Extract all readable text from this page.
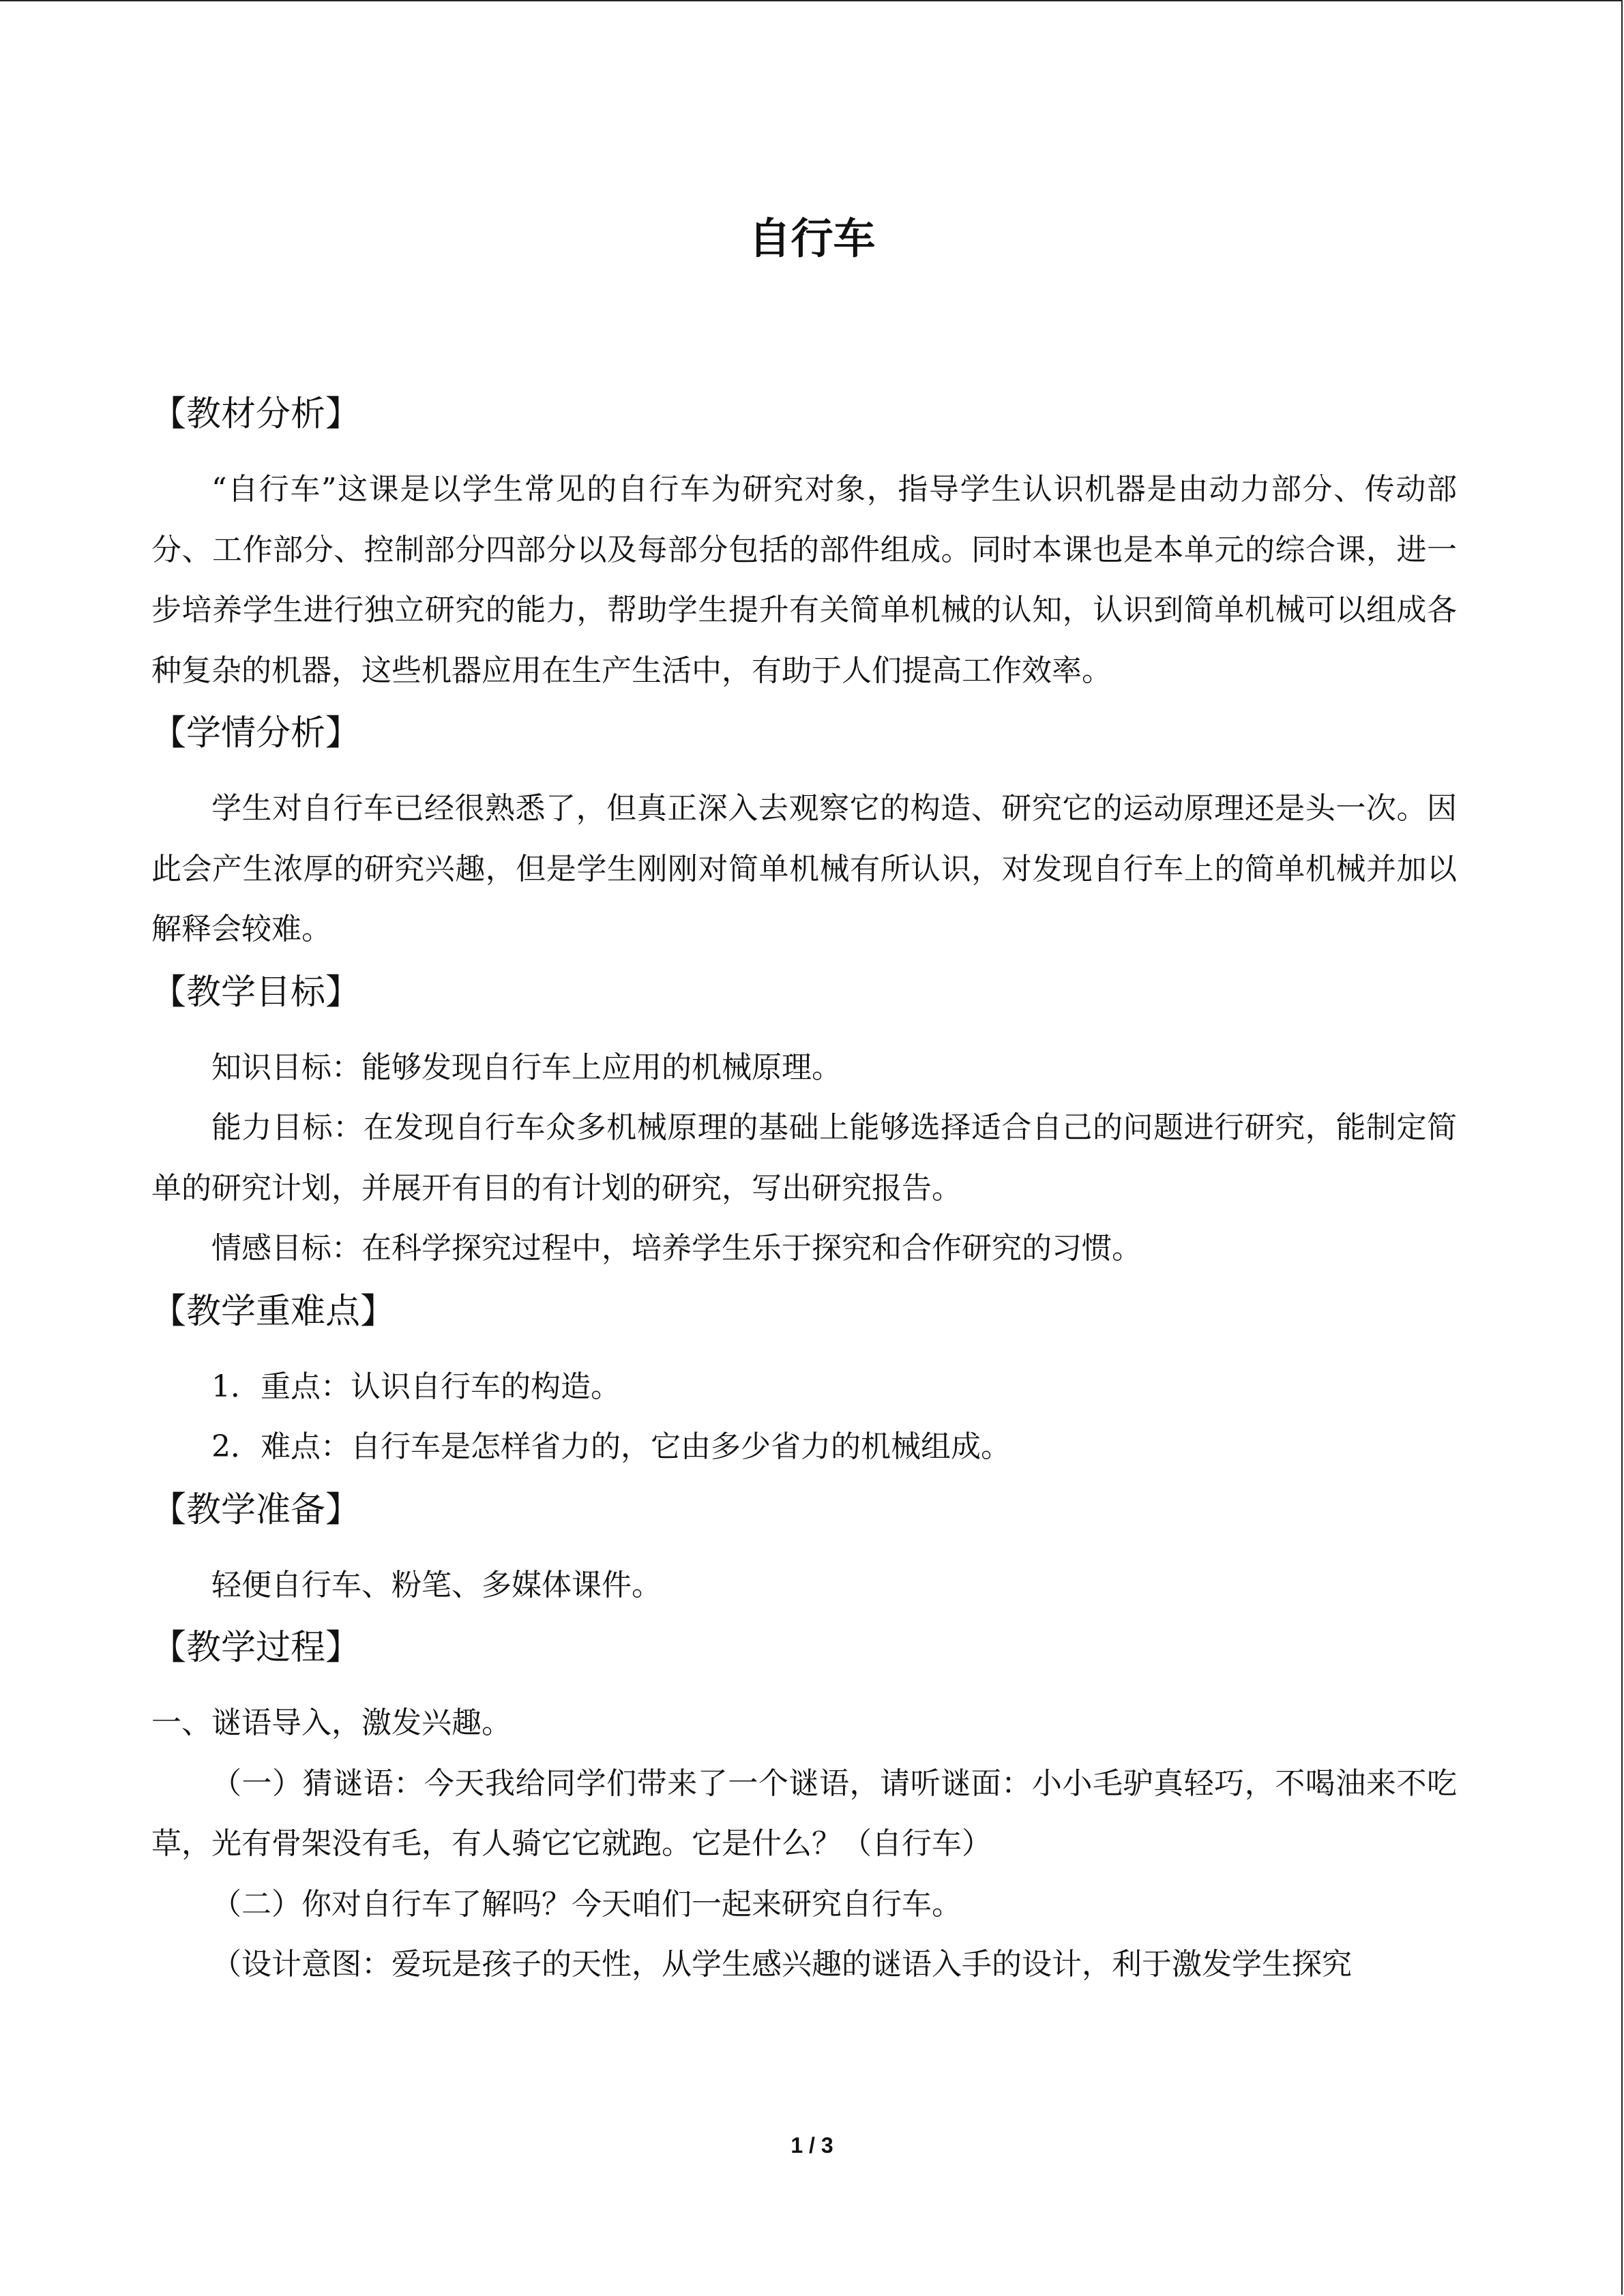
自行车
【教材分析】

“自行车”这课是以学生常见的自行车为研究对象，指导学生认识机器是由动力部分、传动部分、工作部分、控制部分四部分以及每部分包括的部件组成。同时本课也是本单元的综合课，进一步培养学生进行独立研究的能力，帮助学生提升有关简单机械的认知，认识到简单机械可以组成各种复杂的机器，这些机器应用在生产生活中，有助于人们提高工作效率。

【学情分析】

学生对自行车已经很熟悉了，但真正深入去观察它的构造、研究它的运动原理还是头一次。因此会产生浓厚的研究兴趣，但是学生刚刚对简单机械有所认识，对发现自行车上的简单机械并加以解释会较难。

【教学目标】

知识目标：能够发现自行车上应用的机械原理。

能力目标：在发现自行车众多机械原理的基础上能够选择适合自己的问题进行研究，能制定简单的研究计划，并展开有目的有计划的研究，写出研究报告。

情感目标：在科学探究过程中，培养学生乐于探究和合作研究的习惯。

【教学重难点】

1．重点：认识自行车的构造。

2．难点：自行车是怎样省力的，它由多少省力的机械组成。

【教学准备】

轻便自行车、粉笔、多媒体课件。

【教学过程】

一、谜语导入，激发兴趣。

（一）猜谜语：今天我给同学们带来了一个谜语，请听谜面：小小毛驴真轻巧，不喝油来不吃草，光有骨架没有毛，有人骑它它就跑。它是什么？（自行车）

（二）你对自行车了解吗？今天咱们一起来研究自行车。

（设计意图：爱玩是孩子的天性，从学生感兴趣的谜语入手的设计，利于激发学生探究

1 / 3
